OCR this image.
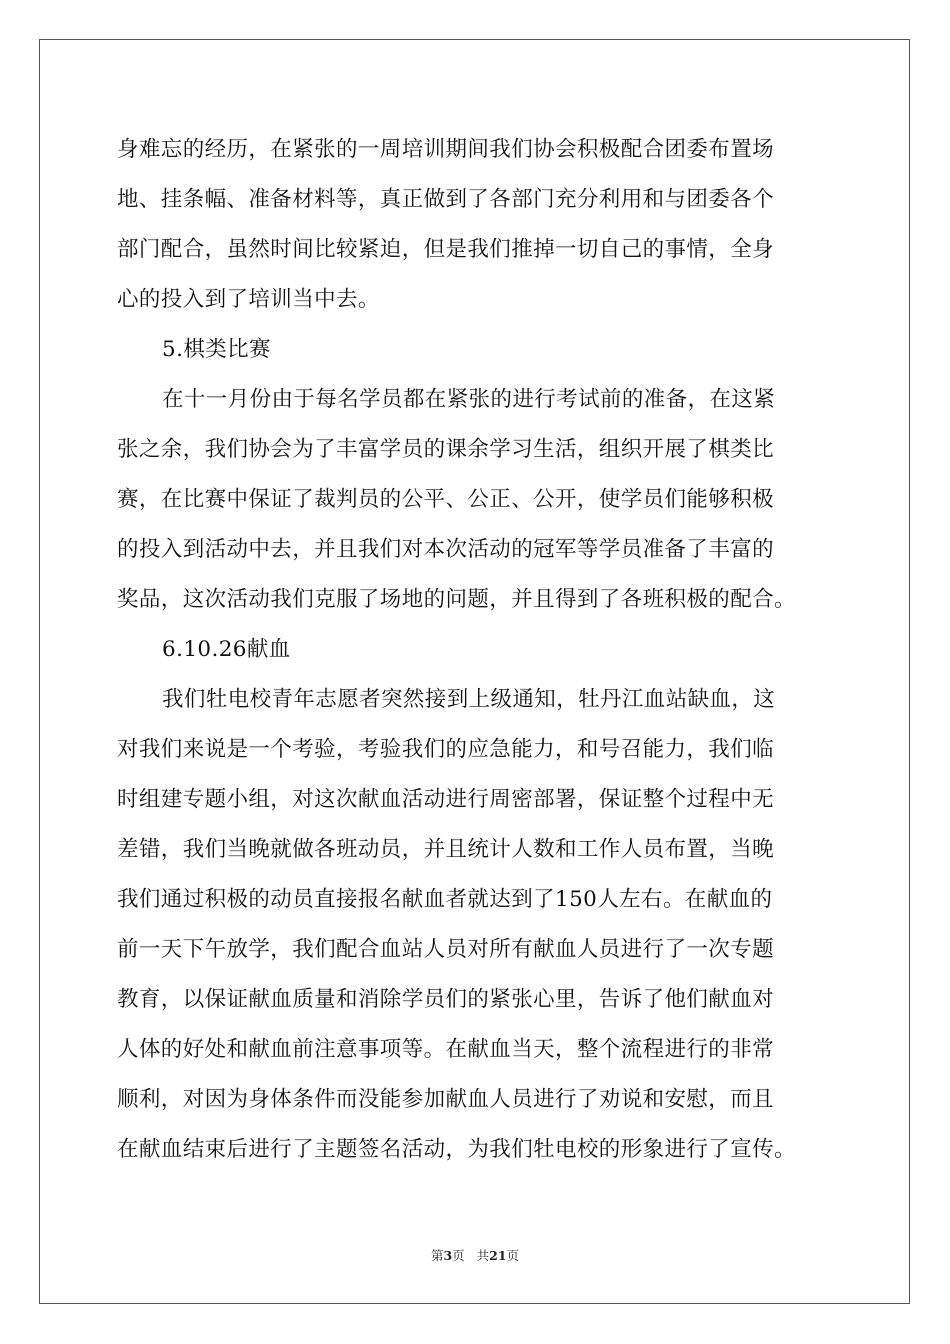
身难忘的经历，在紧张的一周培训期间我们协会积极配合团委布置场
地、挂条幅、准备材料等，真正做到了各部门充分利用和与团委各个
部门配合，虽然时间比较紧迫，但是我们推掉一切自己的事情，全身
心的投入到了培训当中去。
5.棋类比赛
在十一月份由于每名学员都在紧张的进行考试前的准备，在这紧
张之余，我们协会为了丰富学员的课余学习生活，组织开展了棋类比
赛，在比赛中保证了裁判员的公平、公正、公开，使学员们能够积极
的投入到活动中去，并且我们对本次活动的冠军等学员准备了丰富的
奖品，这次活动我们克服了场地的问题，并且得到了各班积极的配合。
6.10.26献血
我们牡电校青年志愿者突然接到上级通知，牡丹江血站缺血，这
对我们来说是一个考验，考验我们的应急能力，和号召能力，我们临
时组建专题小组，对这次献血活动进行周密部署，保证整个过程中无
差错，我们当晚就做各班动员，并且统计人数和工作人员布置，当晚
我们通过积极的动员直接报名献血者就达到了150人左右。在献血的
前一天下午放学，我们配合血站人员对所有献血人员进行了一次专题
教育，以保证献血质量和消除学员们的紧张心里，告诉了他们献血对
人体的好处和献血前注意事项等。在献血当天，整个流程进行的非常
顺利，对因为身体条件而没能参加献血人员进行了劝说和安慰，而且
在献血结束后进行了主题签名活动，为我们牡电校的形象进行了宣传。
第3页 共21页
